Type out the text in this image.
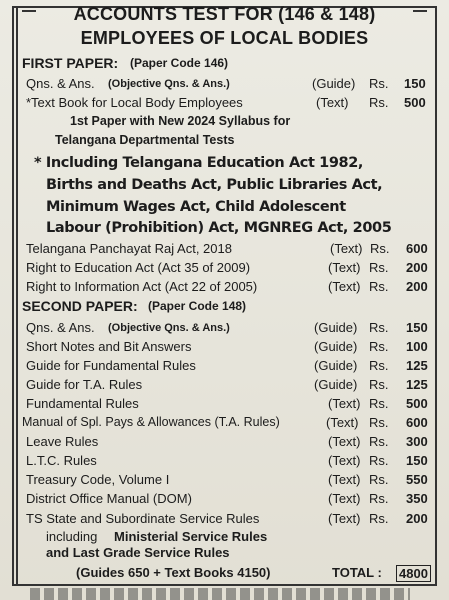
ACCOUNTS TEST FOR (146 & 148)
EMPLOYEES OF LOCAL BODIES
FIRST PAPER: (Paper Code 146)
Qns. & Ans. (Objective Qns. & Ans.)	(Guide) Rs. 150
*Text Book for Local Body Employees	(Text) Rs. 500
1st Paper with New 2024 Syllabus for
Telangana Departmental Tests
* Including Telangana Education Act 1982,
Births and Deaths Act, Public Libraries Act,
Minimum Wages Act, Child Adolescent
Labour (Prohibition) Act, MGNREG Act, 2005
Telangana Panchayat Raj Act, 2018	(Text) Rs. 600
Right to Education Act (Act 35 of 2009)	(Text) Rs. 200
Right to Information Act (Act 22 of 2005)	(Text) Rs. 200
SECOND PAPER: (Paper Code 148)
Qns. & Ans. (Objective Qns. & Ans.)	(Guide) Rs. 150
Short Notes and Bit Answers	(Guide) Rs. 100
Guide for Fundamental Rules	(Guide) Rs. 125
Guide for T.A. Rules	(Guide) Rs. 125
Fundamental Rules	(Text) Rs. 500
Manual of Spl. Pays & Allowances (T.A. Rules)	(Text) Rs. 600
Leave Rules	(Text) Rs. 300
L.T.C. Rules	(Text) Rs. 150
Treasury Code, Volume I	(Text) Rs. 550
District Office Manual (DOM)	(Text) Rs. 350
TS State and Subordinate Service Rules	(Text) Rs. 200
including Ministerial Service Rules
and Last Grade Service Rules
(Guides 650 + Text Books 4150)	TOTAL : 4800
